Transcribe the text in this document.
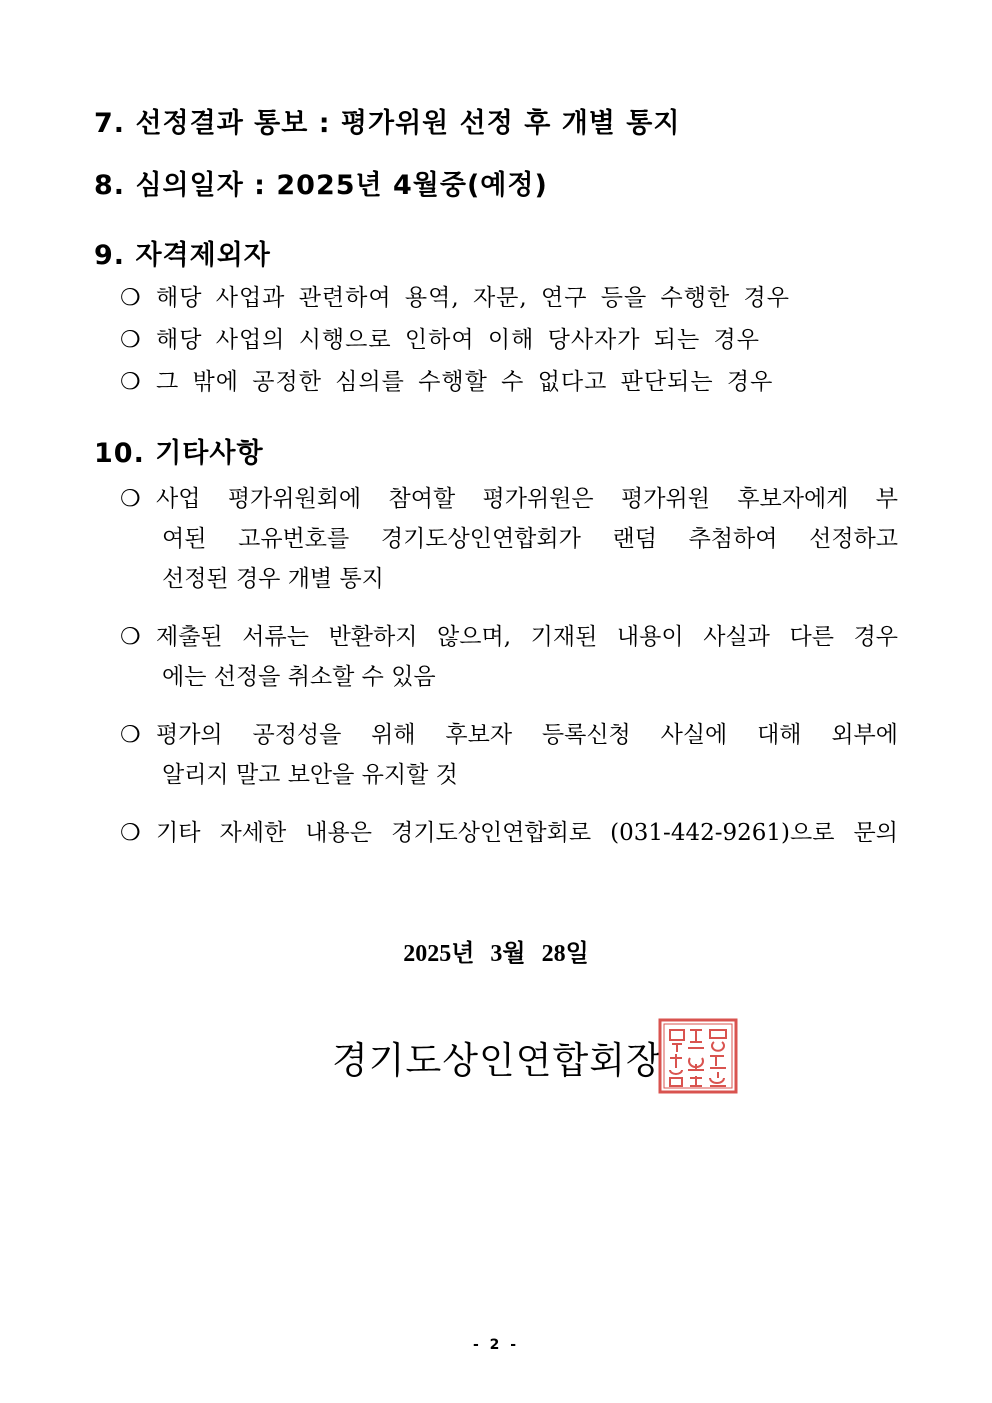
7. 선정결과 통보 : 평가위원 선정 후 개별 통지
8. 심의일자 : 2025년 4월중(예정)
9. 자격제외자
❍ 해당 사업과 관련하여 용역, 자문, 연구 등을 수행한 경우
❍ 해당 사업의 시행으로 인하여 이해 당사자가 되는 경우
❍ 그 밖에 공정한 심의를 수행할 수 없다고 판단되는 경우
10. 기타사항
❍ 사업 평가위원회에 참여할 평가위원은 평가위원 후보자에게 부
여된 고유번호를 경기도상인연합회가 랜덤 추첨하여 선정하고
선정된 경우 개별 통지
❍ 제출된 서류는 반환하지 않으며, 기재된 내용이 사실과 다른 경우
에는 선정을 취소할 수 있음
❍ 평가의 공정성을 위해 후보자 등록신청 사실에 대해 외부에
알리지 말고 보안을 유지할 것
❍ 기타 자세한 내용은 경기도상인연합회로 (031-442-9261)으로 문의
2025년 3월 28일
경기도상인연합회장
- 2 -
